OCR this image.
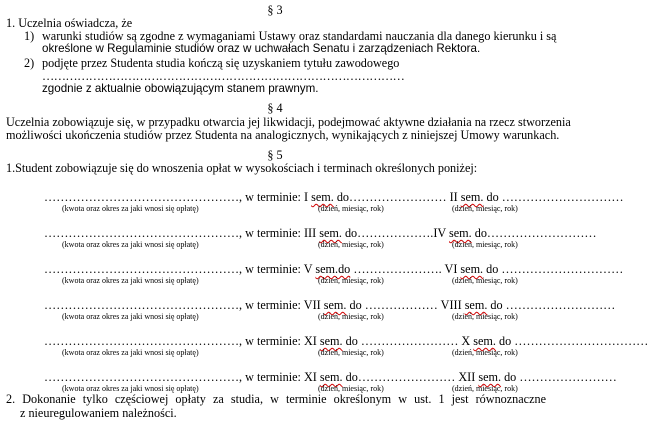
§ 3
1. Uczelnia oświadcza, że
1) warunki studiów są zgodne z wymaganiami Ustawy oraz standardami nauczania dla danego kierunku i są
określone w Regulaminie studiów oraz w uchwałach Senatu i zarządzeniach Rektora.
2) podjęte przez Studenta studia kończą się uzyskaniem tytułu zawodowego
…………………………………………………………………………………
zgodnie z aktualnie obowiązującym stanem prawnym.
§ 4
Uczelnia zobowiązuje się, w przypadku otwarcia jej likwidacji, podejmować aktywne działania na rzecz stworzenia
możliwości ukończenia studiów przez Studenta na analogicznych, wynikających z niniejszej Umowy warunkach.
§ 5
1.Student zobowiązuje się do wnoszenia opłat w wysokościach i terminach określonych poniżej:
…………………………………………, w terminie: I sem. do…………………… II sem. do …………………………
(kwota oraz okres za jaki wnosi się opłatę)	(dzień, miesiąc, rok)	(dzień, miesiąc, rok)
…………………………………………, w terminie: III sem. do……………….IV sem. do………………………
(kwota oraz okres za jaki wnosi się opłatę)	(dzień, miesiąc, rok)	(dzień, miesiąc, rok)
…………………………………………, w terminie: V sem.do …………………. VI sem. do …………………………
(kwota oraz okres za jaki wnosi się opłatę)	(dzień, miesiąc, rok)	(dzień, miesiąc, rok)
…………………………………………, w terminie: VII sem. do ……………… VIII sem. do ………………………
(kwota oraz okres za jaki wnosi się opłatę)	(dzień, miesiąc, rok)	(dzień, miesiąc, rok)
…………………………………………, w terminie: XI sem. do …………………… X sem. do ……………………………
(kwota oraz okres za jaki wnosi się opłatę)	(dzień, miesiąc, rok)	(dzień, miesiąc, rok)
…………………………………………, w terminie: XI sem. do…………………… XII sem. do ……………………
(kwota oraz okres za jaki wnosi się opłatę)	(dzień, miesiąc, rok)	(dzień, miesiąc, rok)
2. Dokonanie tylko częściowej opłaty za studia, w terminie określonym w ust. 1 jest równoznaczne
z nieuregulowaniem należności.
